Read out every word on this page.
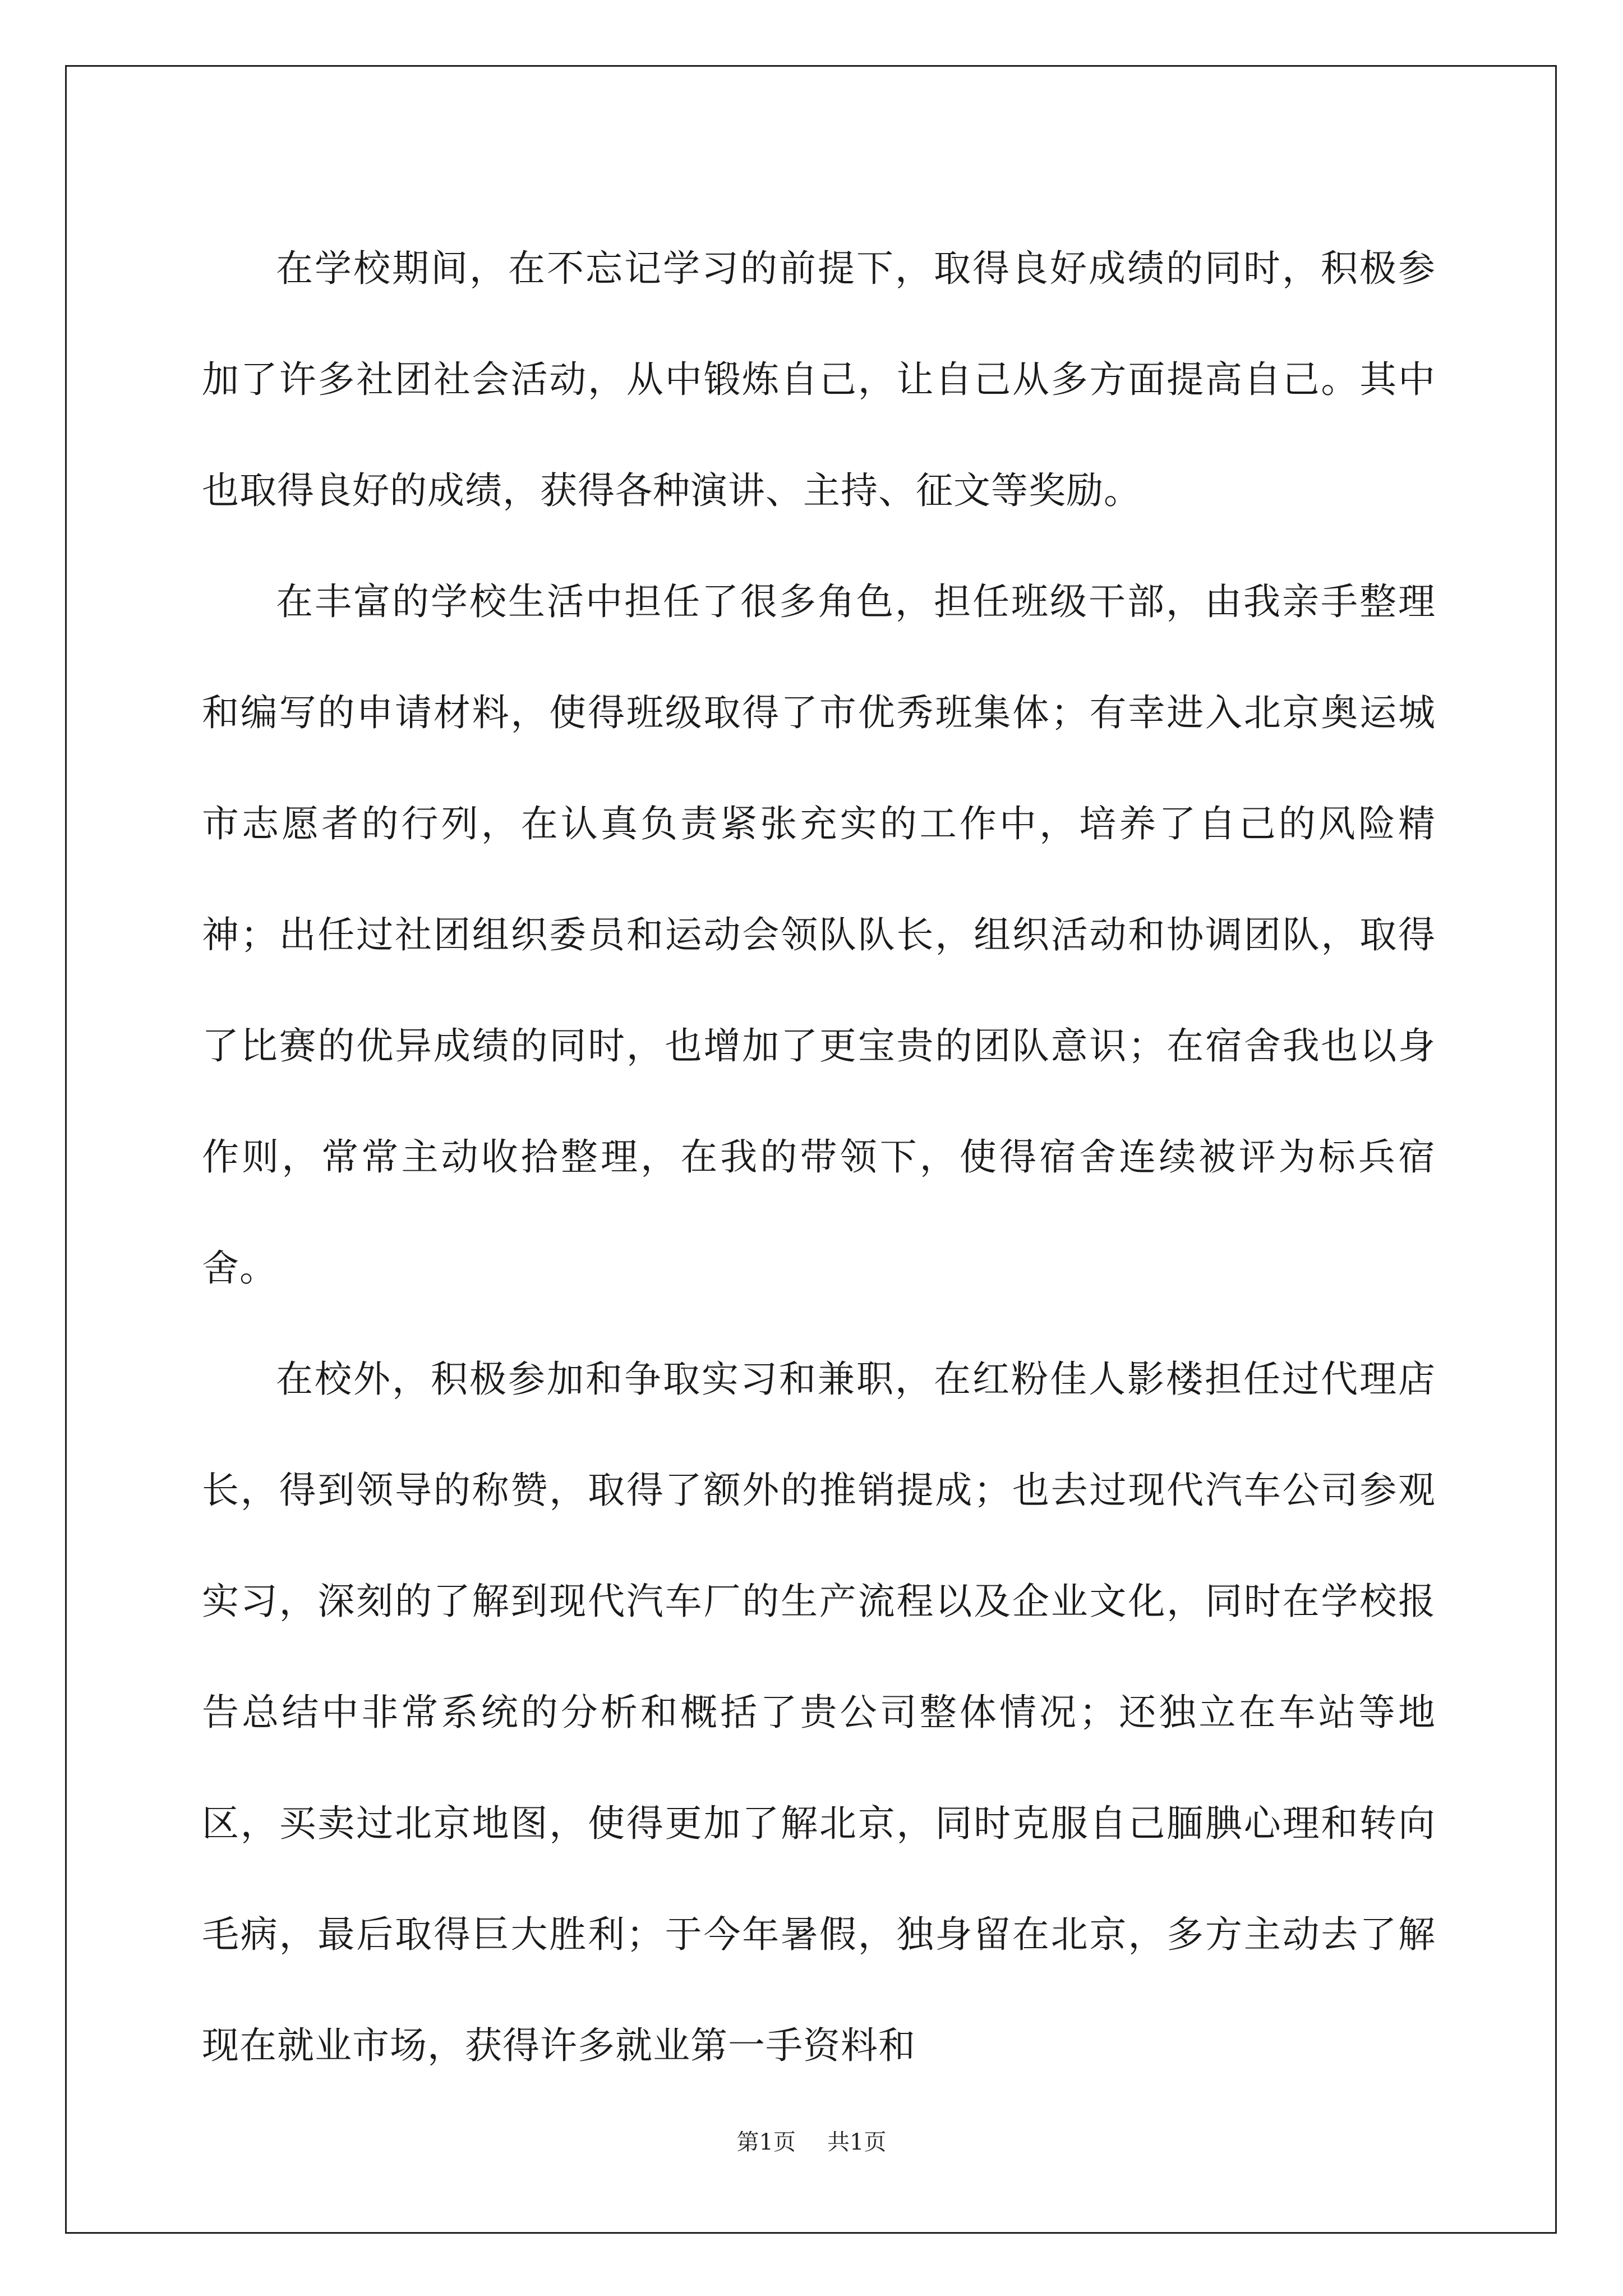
在学校期间，在不忘记学习的前提下，取得良好成绩的同时，积极参加了许多社团社会活动，从中锻炼自己，让自己从多方面提高自己。其中也取得良好的成绩，获得各种演讲、主持、征文等奖励。

在丰富的学校生活中担任了很多角色，担任班级干部，由我亲手整理和编写的申请材料，使得班级取得了市优秀班集体；有幸进入北京奥运城市志愿者的行列，在认真负责紧张充实的工作中，培养了自己的风险精神；出任过社团组织委员和运动会领队队长，组织活动和协调团队，取得了比赛的优异成绩的同时，也增加了更宝贵的团队意识；在宿舍我也以身作则，常常主动收拾整理，在我的带领下，使得宿舍连续被评为标兵宿舍。

在校外，积极参加和争取实习和兼职，在红粉佳人影楼担任过代理店长，得到领导的称赞，取得了额外的推销提成；也去过现代汽车公司参观实习，深刻的了解到现代汽车厂的生产流程以及企业文化，同时在学校报告总结中非常系统的分析和概括了贵公司整体情况；还独立在车站等地区，买卖过北京地图，使得更加了解北京，同时克服自己腼腆心理和转向毛病，最后取得巨大胜利；于今年暑假，独身留在北京，多方主动去了解现在就业市场，获得许多就业第一手资料和

第1页 共1页
